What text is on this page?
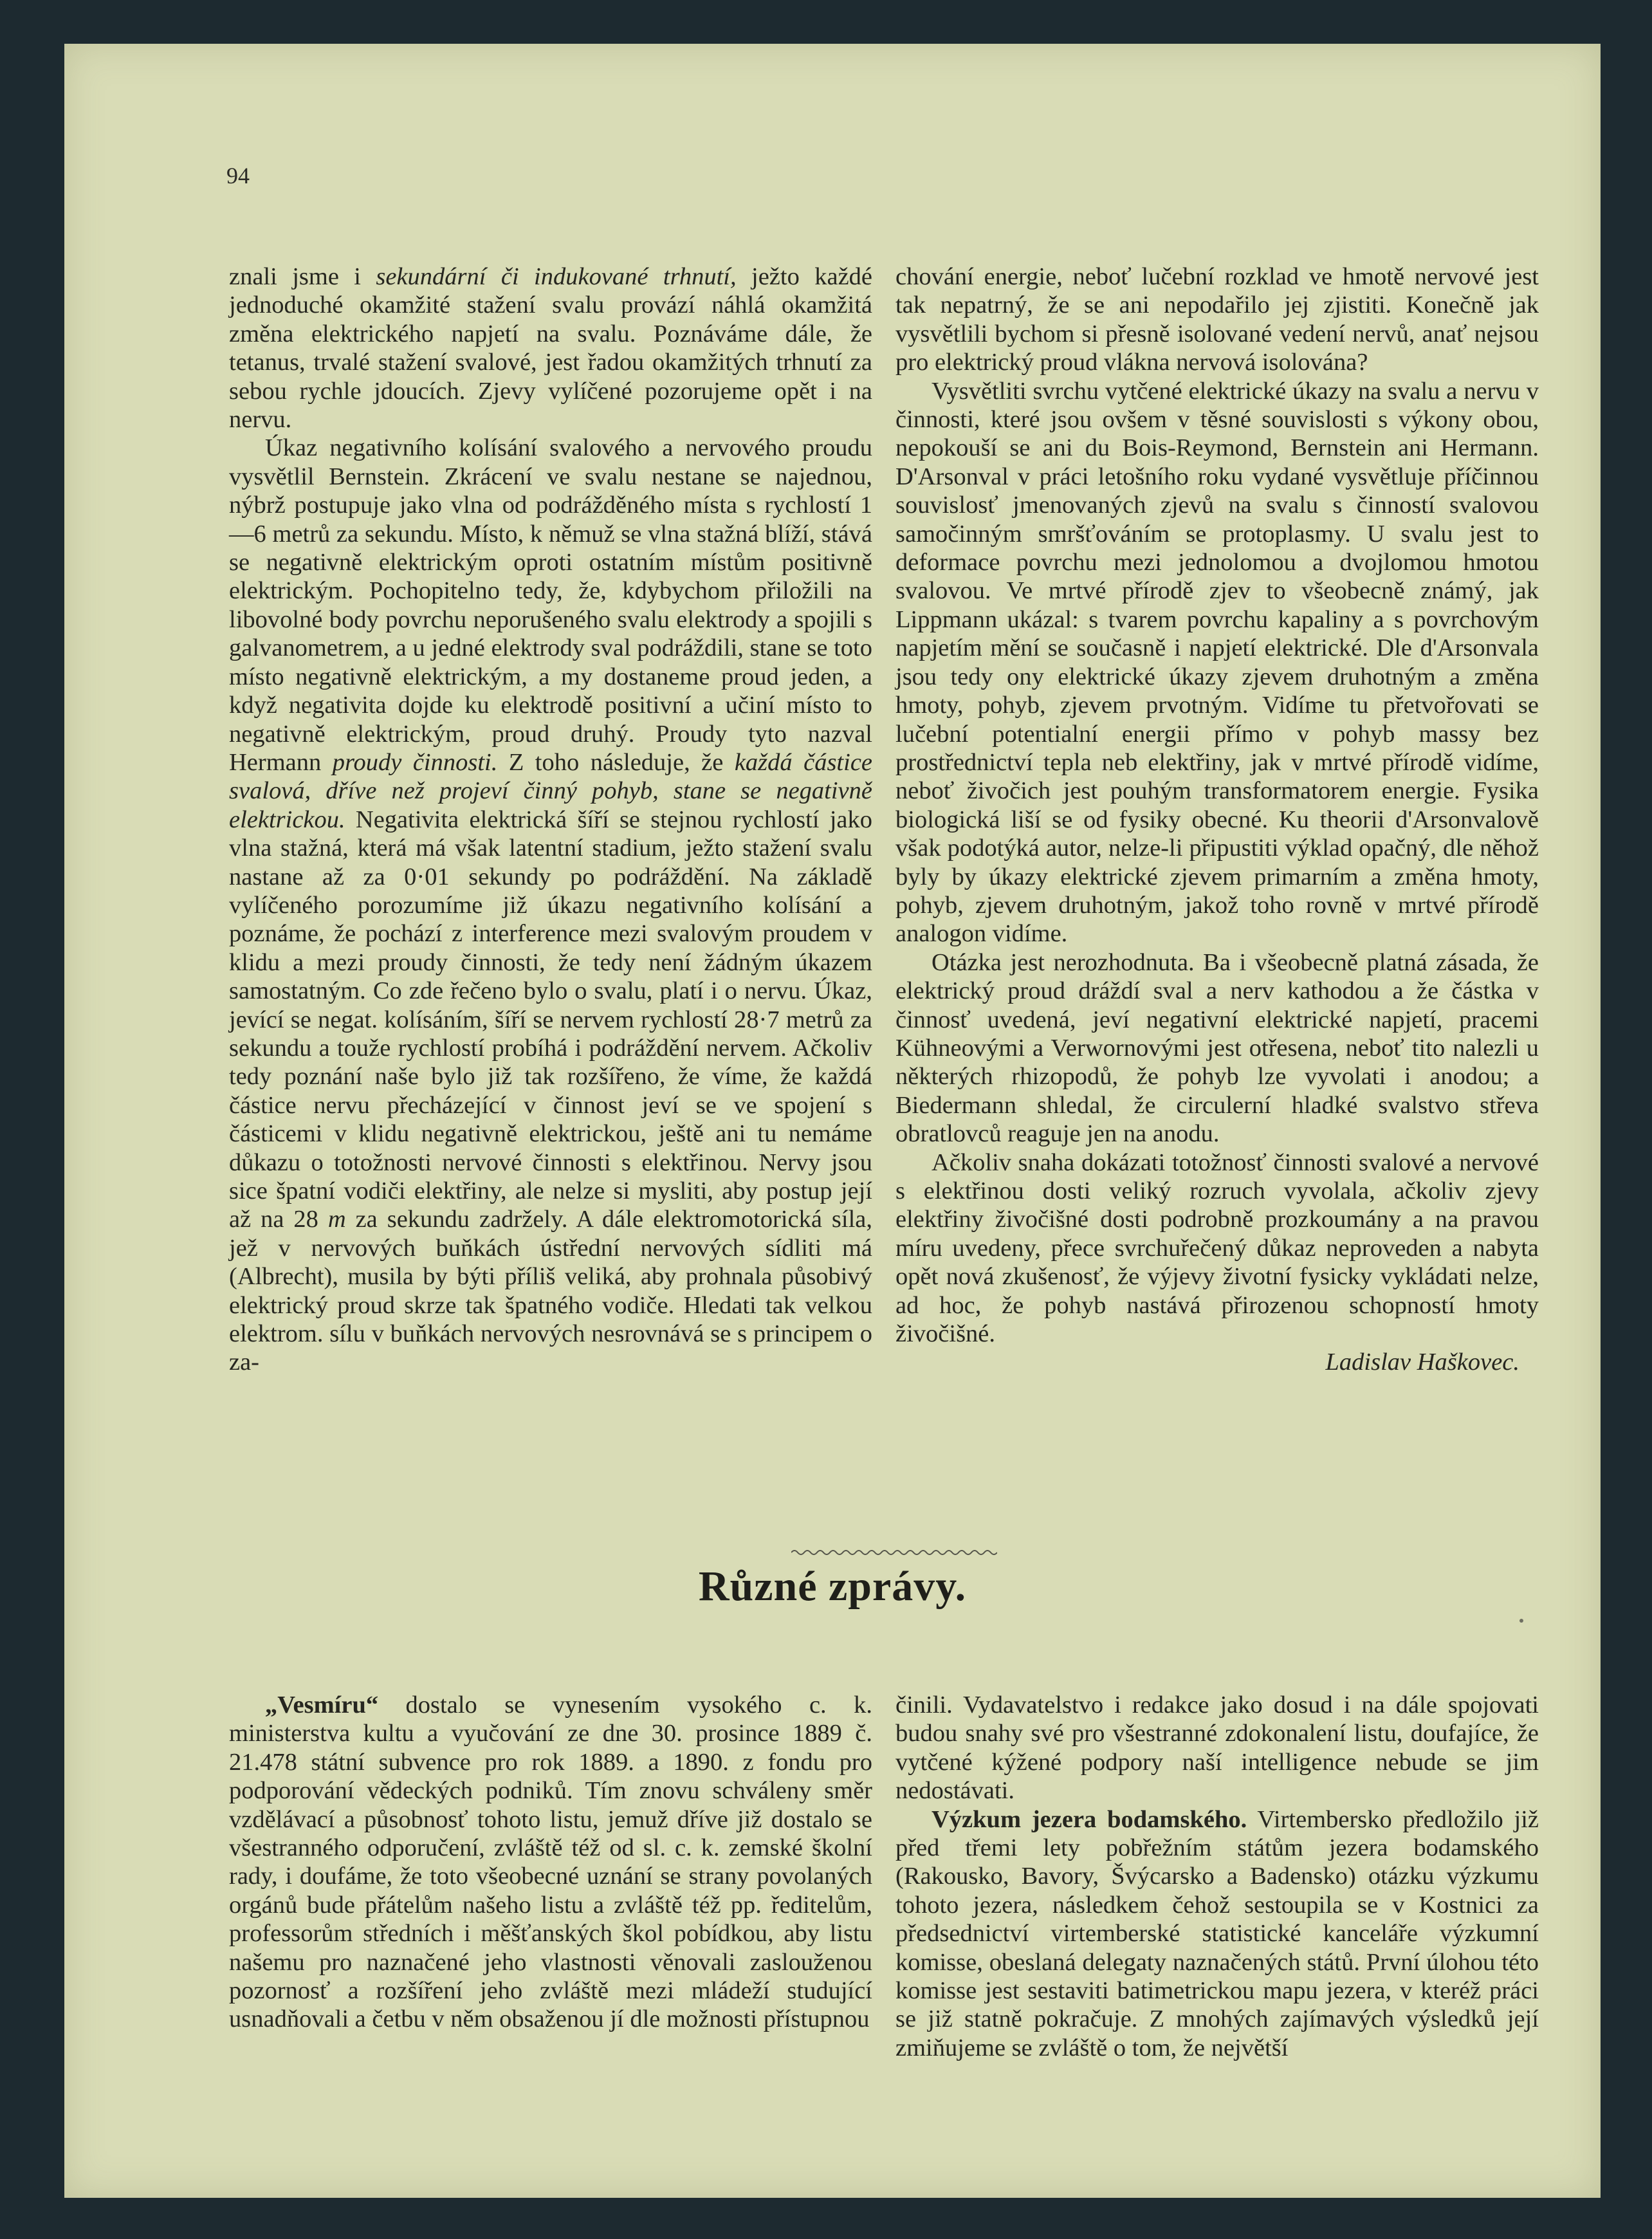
94

znali jsme i sekundární či indukované trhnutí, ježto každé jednoduché okamžité stažení svalu provází náhlá okamžitá změna elektrického napjetí na svalu. Poznáváme dále, že tetanus, trvalé stažení svalové, jest řadou okamžitých trhnutí za sebou rychle jdoucích. Zjevy vylíčené pozorujeme opět i na nervu.

Úkaz negativního kolísání svalového a nervového proudu vysvětlil Bernstein. Zkrácení ve svalu nestane se najednou, nýbrž postupuje jako vlna od podrážděného místa s rychlostí 1—6 metrů za sekundu. Místo, k němuž se vlna stažná blíží, stává se negativně elektrickým oproti ostatním místům positivně elektrickým. Pochopitelno tedy, že, kdybychom přiložili na libovolné body povrchu neporušeného svalu elektrody a spojili s galvanometrem, a u jedné elektrody sval podráždili, stane se toto místo negativně elektrickým, a my dostaneme proud jeden, a když negativita dojde ku elektrodě positivní a učiní místo to negativně elektrickým, proud druhý. Proudy tyto nazval Hermann proudy činnosti. Z toho následuje, že každá částice svalová, dříve než projeví činný pohyb, stane se negativně elektrickou. Negativita elektrická šíří se stejnou rychlostí jako vlna stažná, která má však latentní stadium, ježto stažení svalu nastane až za 0·01 sekundy po podráždění. Na základě vylíčeného porozumíme již úkazu negativního kolísání a poznáme, že pochází z interference mezi svalovým proudem v klidu a mezi proudy činnosti, že tedy není žádným úkazem samostatným. Co zde řečeno bylo o svalu, platí i o nervu. Úkaz, jevící se negat. kolísáním, šíří se nervem rychlostí 28·7 metrů za sekundu a touže rychlostí probíhá i podráždění nervem. Ačkoliv tedy poznání naše bylo již tak rozšířeno, že víme, že každá částice nervu přecházející v činnost jeví se ve spojení s částicemi v klidu negativně elektrickou, ještě ani tu nemáme důkazu o totožnosti nervové činnosti s elektřinou. Nervy jsou sice špatní vodiči elektřiny, ale nelze si mysliti, aby postup její až na 28 m za sekundu zadržely. A dále elektromotorická síla, jež v nervových buňkách ústřední nervových sídliti má (Albrecht), musila by býti příliš veliká, aby prohnala působivý elektrický proud skrze tak špatného vodiče. Hledati tak velkou elektrom. sílu v buňkách nervových nesrovnává se s principem o za-

chování energie, neboť lučební rozklad ve hmotě nervové jest tak nepatrný, že se ani nepodařilo jej zjistiti. Konečně jak vysvětlili bychom si přesně isolované vedení nervů, anať nejsou pro elektrický proud vlákna nervová isolována?

Vysvětliti svrchu vytčené elektrické úkazy na svalu a nervu v činnosti, které jsou ovšem v těsné souvislosti s výkony obou, nepokouší se ani du Bois-Reymond, Bernstein ani Hermann. D'Arsonval v práci letošního roku vydané vysvětluje příčinnou souvislosť jmenovaných zjevů na svalu s činností svalovou samočinným smršťováním se protoplasmy. U svalu jest to deformace povrchu mezi jednolomou a dvojlomou hmotou svalovou. Ve mrtvé přírodě zjev to všeobecně známý, jak Lippmann ukázal: s tvarem povrchu kapaliny a s povrchovým napjetím mění se současně i napjetí elektrické. Dle d'Arsonvala jsou tedy ony elektrické úkazy zjevem druhotným a změna hmoty, pohyb, zjevem prvotným. Vidíme tu přetvořovati se lučební potentialní energii přímo v pohyb massy bez prostřednictví tepla neb elektřiny, jak v mrtvé přírodě vidíme, neboť živočich jest pouhým transformatorem energie. Fysika biologická liší se od fysiky obecné. Ku theorii d'Arsonvalově však podotýká autor, nelze-li připustiti výklad opačný, dle něhož byly by úkazy elektrické zjevem primarním a změna hmoty, pohyb, zjevem druhotným, jakož toho rovně v mrtvé přírodě analogon vidíme.

Otázka jest nerozhodnuta. Ba i všeobecně platná zásada, že elektrický proud dráždí sval a nerv kathodou a že částka v činnosť uvedená, jeví negativní elektrické napjetí, pracemi Kühneovými a Verwornovými jest otřesena, neboť tito nalezli u některých rhizopodů, že pohyb lze vyvolati i anodou; a Biedermann shledal, že circulerní hladké svalstvo střeva obratlovců reaguje jen na anodu.

Ačkoliv snaha dokázati totožnosť činnosti svalové a nervové s elektřinou dosti veliký rozruch vyvolala, ačkoliv zjevy elektřiny živočišné dosti podrobně prozkoumány a na pravou míru uvedeny, přece svrchuřečený důkaz neproveden a nabyta opět nová zkušenosť, že výjevy životní fysicky vykládati nelze, ad hoc, že pohyb nastává přirozenou schopností hmoty živočišné.

Ladislav Haškovec.
Různé zprávy.

„Vesmíru“ dostalo se vynesením vysokého c. k. ministerstva kultu a vyučování ze dne 30. prosince 1889 č. 21.478 státní subvence pro rok 1889. a 1890. z fondu pro podporování vědeckých podniků. Tím znovu schváleny směr vzdělávací a působnosť tohoto listu, jemuž dříve již dostalo se všestranného odporučení, zvláště též od sl. c. k. zemské školní rady, i doufáme, že toto všeobecné uznání se strany povolaných orgánů bude přátelům našeho listu a zvláště též pp. ředitelům, professorům středních i měšťanských škol pobídkou, aby listu našemu pro naznačené jeho vlastnosti věnovali zaslouženou pozornosť a rozšíření jeho zvláště mezi mládeží studující usnadňovali a četbu v něm obsaženou jí dle možnosti přístupnou

činili. Vydavatelstvo i redakce jako dosud i na dále spojovati budou snahy své pro všestranné zdokonalení listu, doufajíce, že vytčené kýžené podpory naší intelligence nebude se jim nedostávati.

Výzkum jezera bodamského. Virtembersko předložilo již před třemi lety pobřežním státům jezera bodamského (Rakousko, Bavory, Švýcarsko a Badensko) otázku výzkumu tohoto jezera, následkem čehož sestoupila se v Kostnici za předsednictví virtemberské statistické kanceláře výzkumní komisse, obeslaná delegaty naznačených států. První úlohou této komisse jest sestaviti batimetrickou mapu jezera, v kteréž práci se již statně pokračuje. Z mnohých zajímavých výsledků její zmiňujeme se zvláště o tom, že největší
